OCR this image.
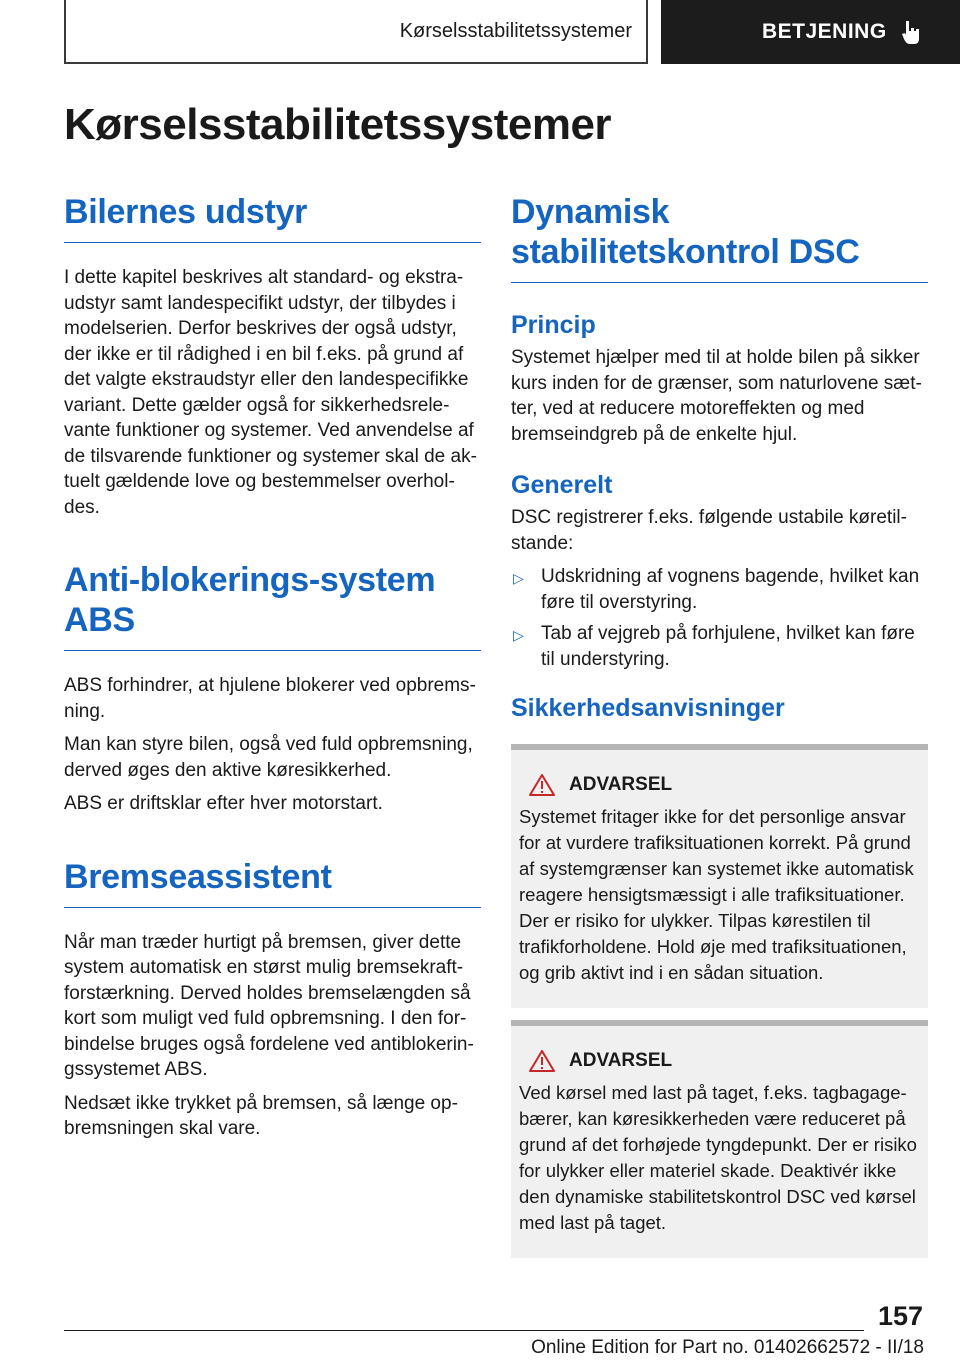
Kørselsstabilitetssystemer	BETJENING
Kørselsstabilitetssystemer
Bilernes udstyr

I dette kapitel beskrives alt standard- og ekstraudstyr samt landespecifikt udstyr, der tilbydes i modelserien. Derfor beskrives der også udstyr, der ikke er til rådighed i en bil f.eks. på grund af det valgte ekstraudstyr eller den landespecifikke variant. Dette gælder også for sikkerhedsrelevante funktioner og systemer. Ved anvendelse af de tilsvarende funktioner og systemer skal de aktuelt gældende love og bestemmelser overholdes.

Anti-blokerings-system ABS

ABS forhindrer, at hjulene blokerer ved opbremsning.

Man kan styre bilen, også ved fuld opbremsning, derved øges den aktive køresikkerhed.

ABS er driftsklar efter hver motorstart.

Bremseassistent

Når man træder hurtigt på bremsen, giver dette system automatisk en størst mulig bremsekraftforstærkning. Derved holdes bremselængden så kort som muligt ved fuld opbremsning. I den forbindelse bruges også fordelene ved antiblokeringssystemet ABS.

Nedsæt ikke trykket på bremsen, så længe opbremsningen skal vare.

Dynamisk stabilitetskontrol DSC
Princip

Systemet hjælper med til at holde bilen på sikker kurs inden for de grænser, som naturlovene sætter, ved at reducere motoreffekten og med bremseindgreb på de enkelte hjul.

Generelt

DSC registrerer f.eks. følgende ustabile køretilstande:

▷ Udskridning af vognens bagende, hvilket kan føre til overstyring.
▷ Tab af vejgreb på forhjulene, hvilket kan føre til understyring.
Sikkerhedsanvisninger
ADVARSEL

Systemet fritager ikke for det personlige ansvar for at vurdere trafiksituationen korrekt. På grund af systemgrænser kan systemet ikke automatisk reagere hensigtsmæssigt i alle trafiksituationer. Der er risiko for ulykker. Tilpas kørestilen til trafikforholdene. Hold øje med trafiksituationen, og grib aktivt ind i en sådan situation.

ADVARSEL

Ved kørsel med last på taget, f.eks. tagbagagebærer, kan køresikkerheden være reduceret på grund af det forhøjede tyngdepunkt. Der er risiko for ulykker eller materiel skade. Deaktivér ikke den dynamiske stabilitetskontrol DSC ved kørsel med last på taget.

157
Online Edition for Part no. 01402662572 - II/18
